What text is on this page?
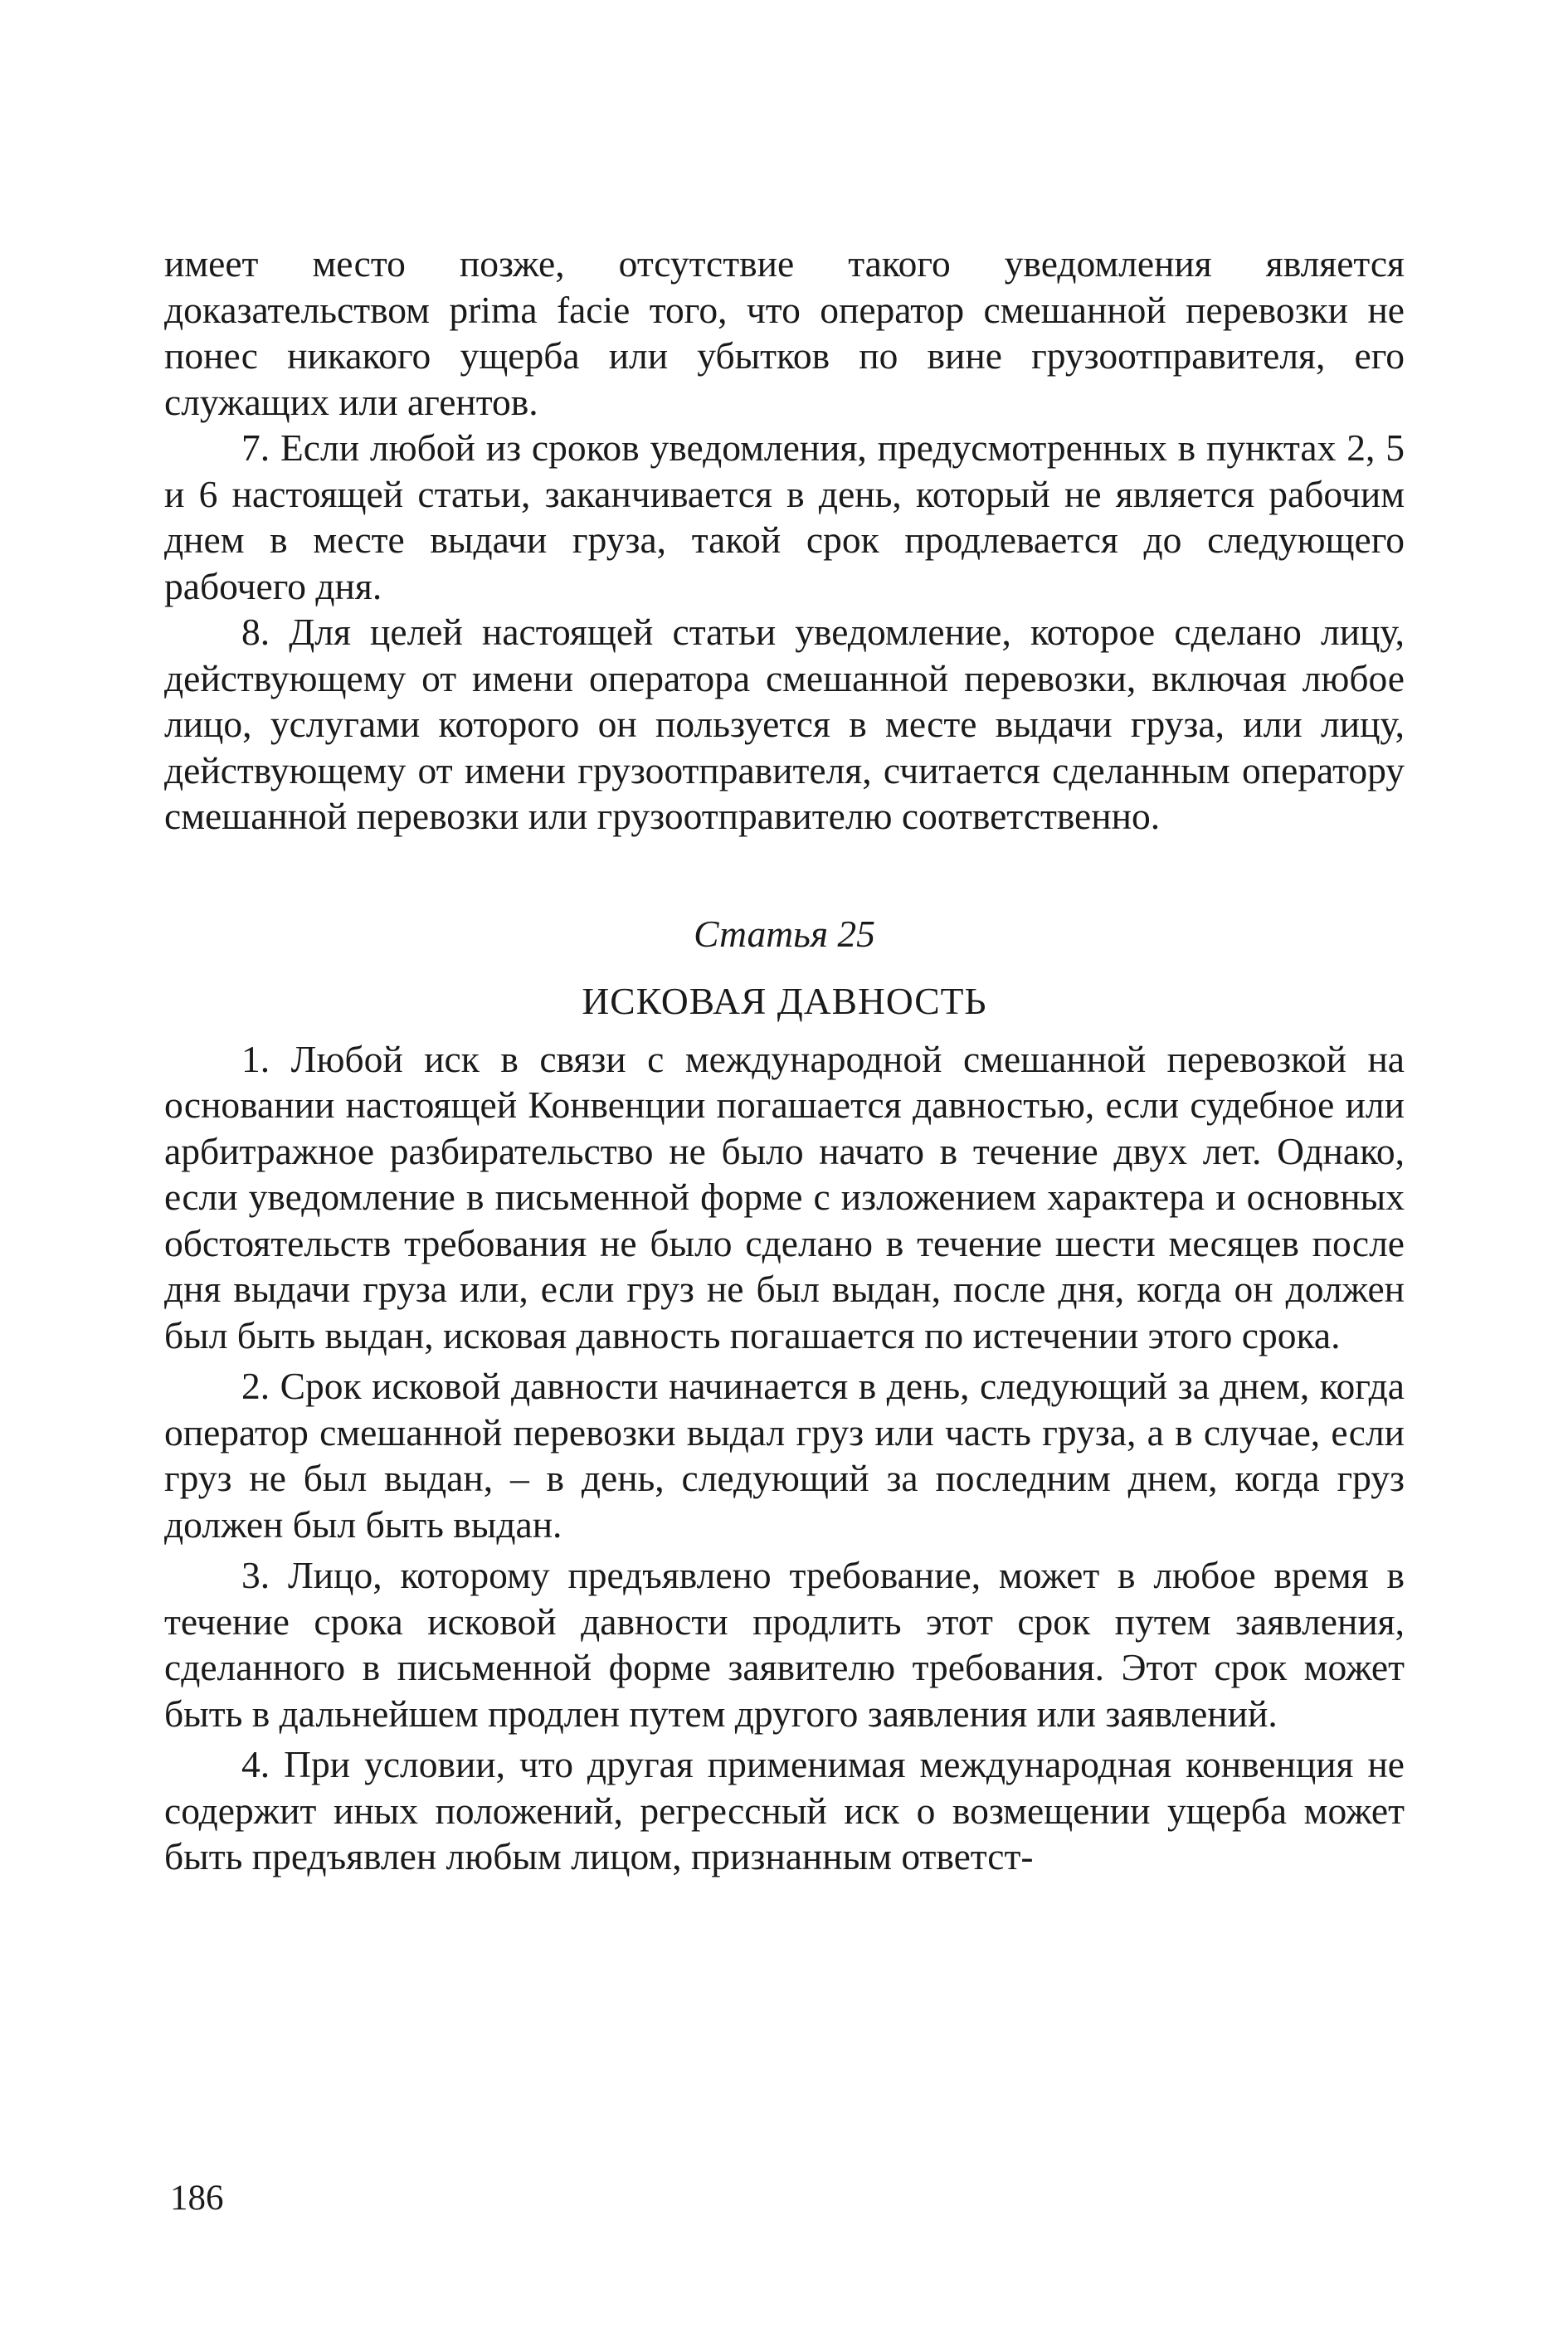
имеет место позже, отсутствие такого уведомления является доказательством prima facie того, что оператор смешанной перевозки не понес никакого ущерба или убытков по вине грузоотправителя, его служащих или агентов.

7. Если любой из сроков уведомления, предусмотренных в пунктах 2, 5 и 6 настоящей статьи, заканчивается в день, который не является рабочим днем в месте выдачи груза, такой срок продлевается до следующего рабочего дня.

8. Для целей настоящей статьи уведомление, которое сделано лицу, действующему от имени оператора смешанной перевозки, включая любое лицо, услугами которого он пользуется в месте выдачи груза, или лицу, действующему от имени грузоотправителя, считается сделанным оператору смешанной перевозки или грузоотправителю соответственно.

Статья 25
ИСКОВАЯ ДАВНОСТЬ

1. Любой иск в связи с международной смешанной перевозкой на основании настоящей Конвенции погашается давностью, если судебное или арбитражное разбирательство не было начато в течение двух лет. Однако, если уведомление в письменной форме с изложением характера и основных обстоятельств требования не было сделано в течение шести месяцев после дня выдачи груза или, если груз не был выдан, после дня, когда он должен был быть выдан, исковая давность погашается по истечении этого срока.

2. Срок исковой давности начинается в день, следующий за днем, когда оператор смешанной перевозки выдал груз или часть груза, а в случае, если груз не был выдан, – в день, следующий за последним днем, когда груз должен был быть выдан.

3. Лицо, которому предъявлено требование, может в любое время в течение срока исковой давности продлить этот срок путем заявления, сделанного в письменной форме заявителю требования. Этот срок может быть в дальнейшем продлен путем другого заявления или заявлений.

4. При условии, что другая применимая международная конвенция не содержит иных положений, регрессный иск о возмещении ущерба может быть предъявлен любым лицом, признанным ответст-

186
